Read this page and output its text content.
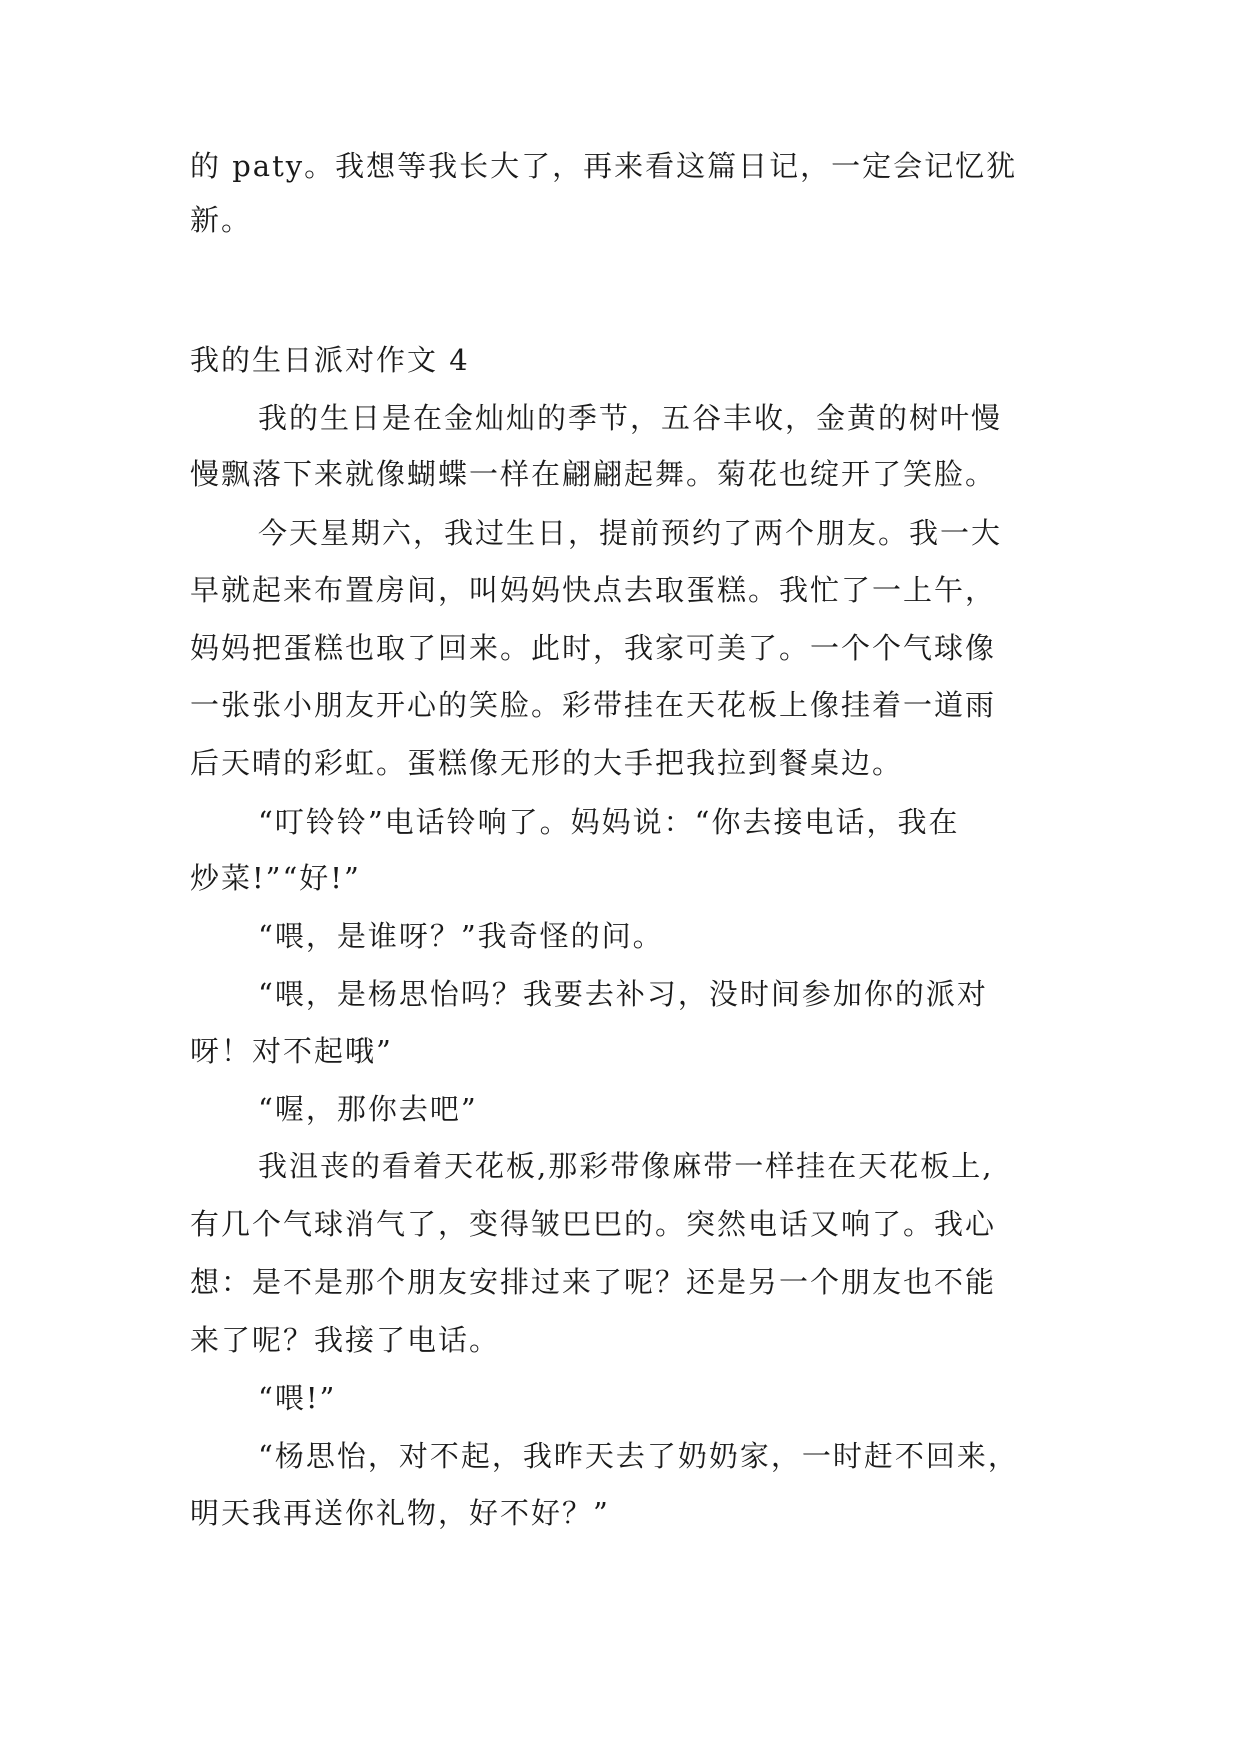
的 paty。我想等我长大了，再来看这篇日记，一定会记忆犹
新。
我的生日派对作文 4
我的生日是在金灿灿的季节，五谷丰收，金黄的树叶慢
慢飘落下来就像蝴蝶一样在翩翩起舞。菊花也绽开了笑脸。
今天星期六，我过生日，提前预约了两个朋友。我一大
早就起来布置房间，叫妈妈快点去取蛋糕。我忙了一上午，
妈妈把蛋糕也取了回来。此时，我家可美了。一个个气球像
一张张小朋友开心的笑脸。彩带挂在天花板上像挂着一道雨
后天晴的彩虹。蛋糕像无形的大手把我拉到餐桌边。
“叮铃铃”电话铃响了。妈妈说：“你去接电话，我在
炒菜!”“好!”
“喂，是谁呀？”我奇怪的问。
“喂，是杨思怡吗？我要去补习，没时间参加你的派对
呀！对不起哦”
“喔，那你去吧”
我沮丧的看着天花板,那彩带像麻带一样挂在天花板上,
有几个气球消气了，变得皱巴巴的。突然电话又响了。我心
想：是不是那个朋友安排过来了呢？还是另一个朋友也不能
来了呢？我接了电话。
“喂!”
“杨思怡，对不起，我昨天去了奶奶家，一时赶不回来，
明天我再送你礼物，好不好？”
